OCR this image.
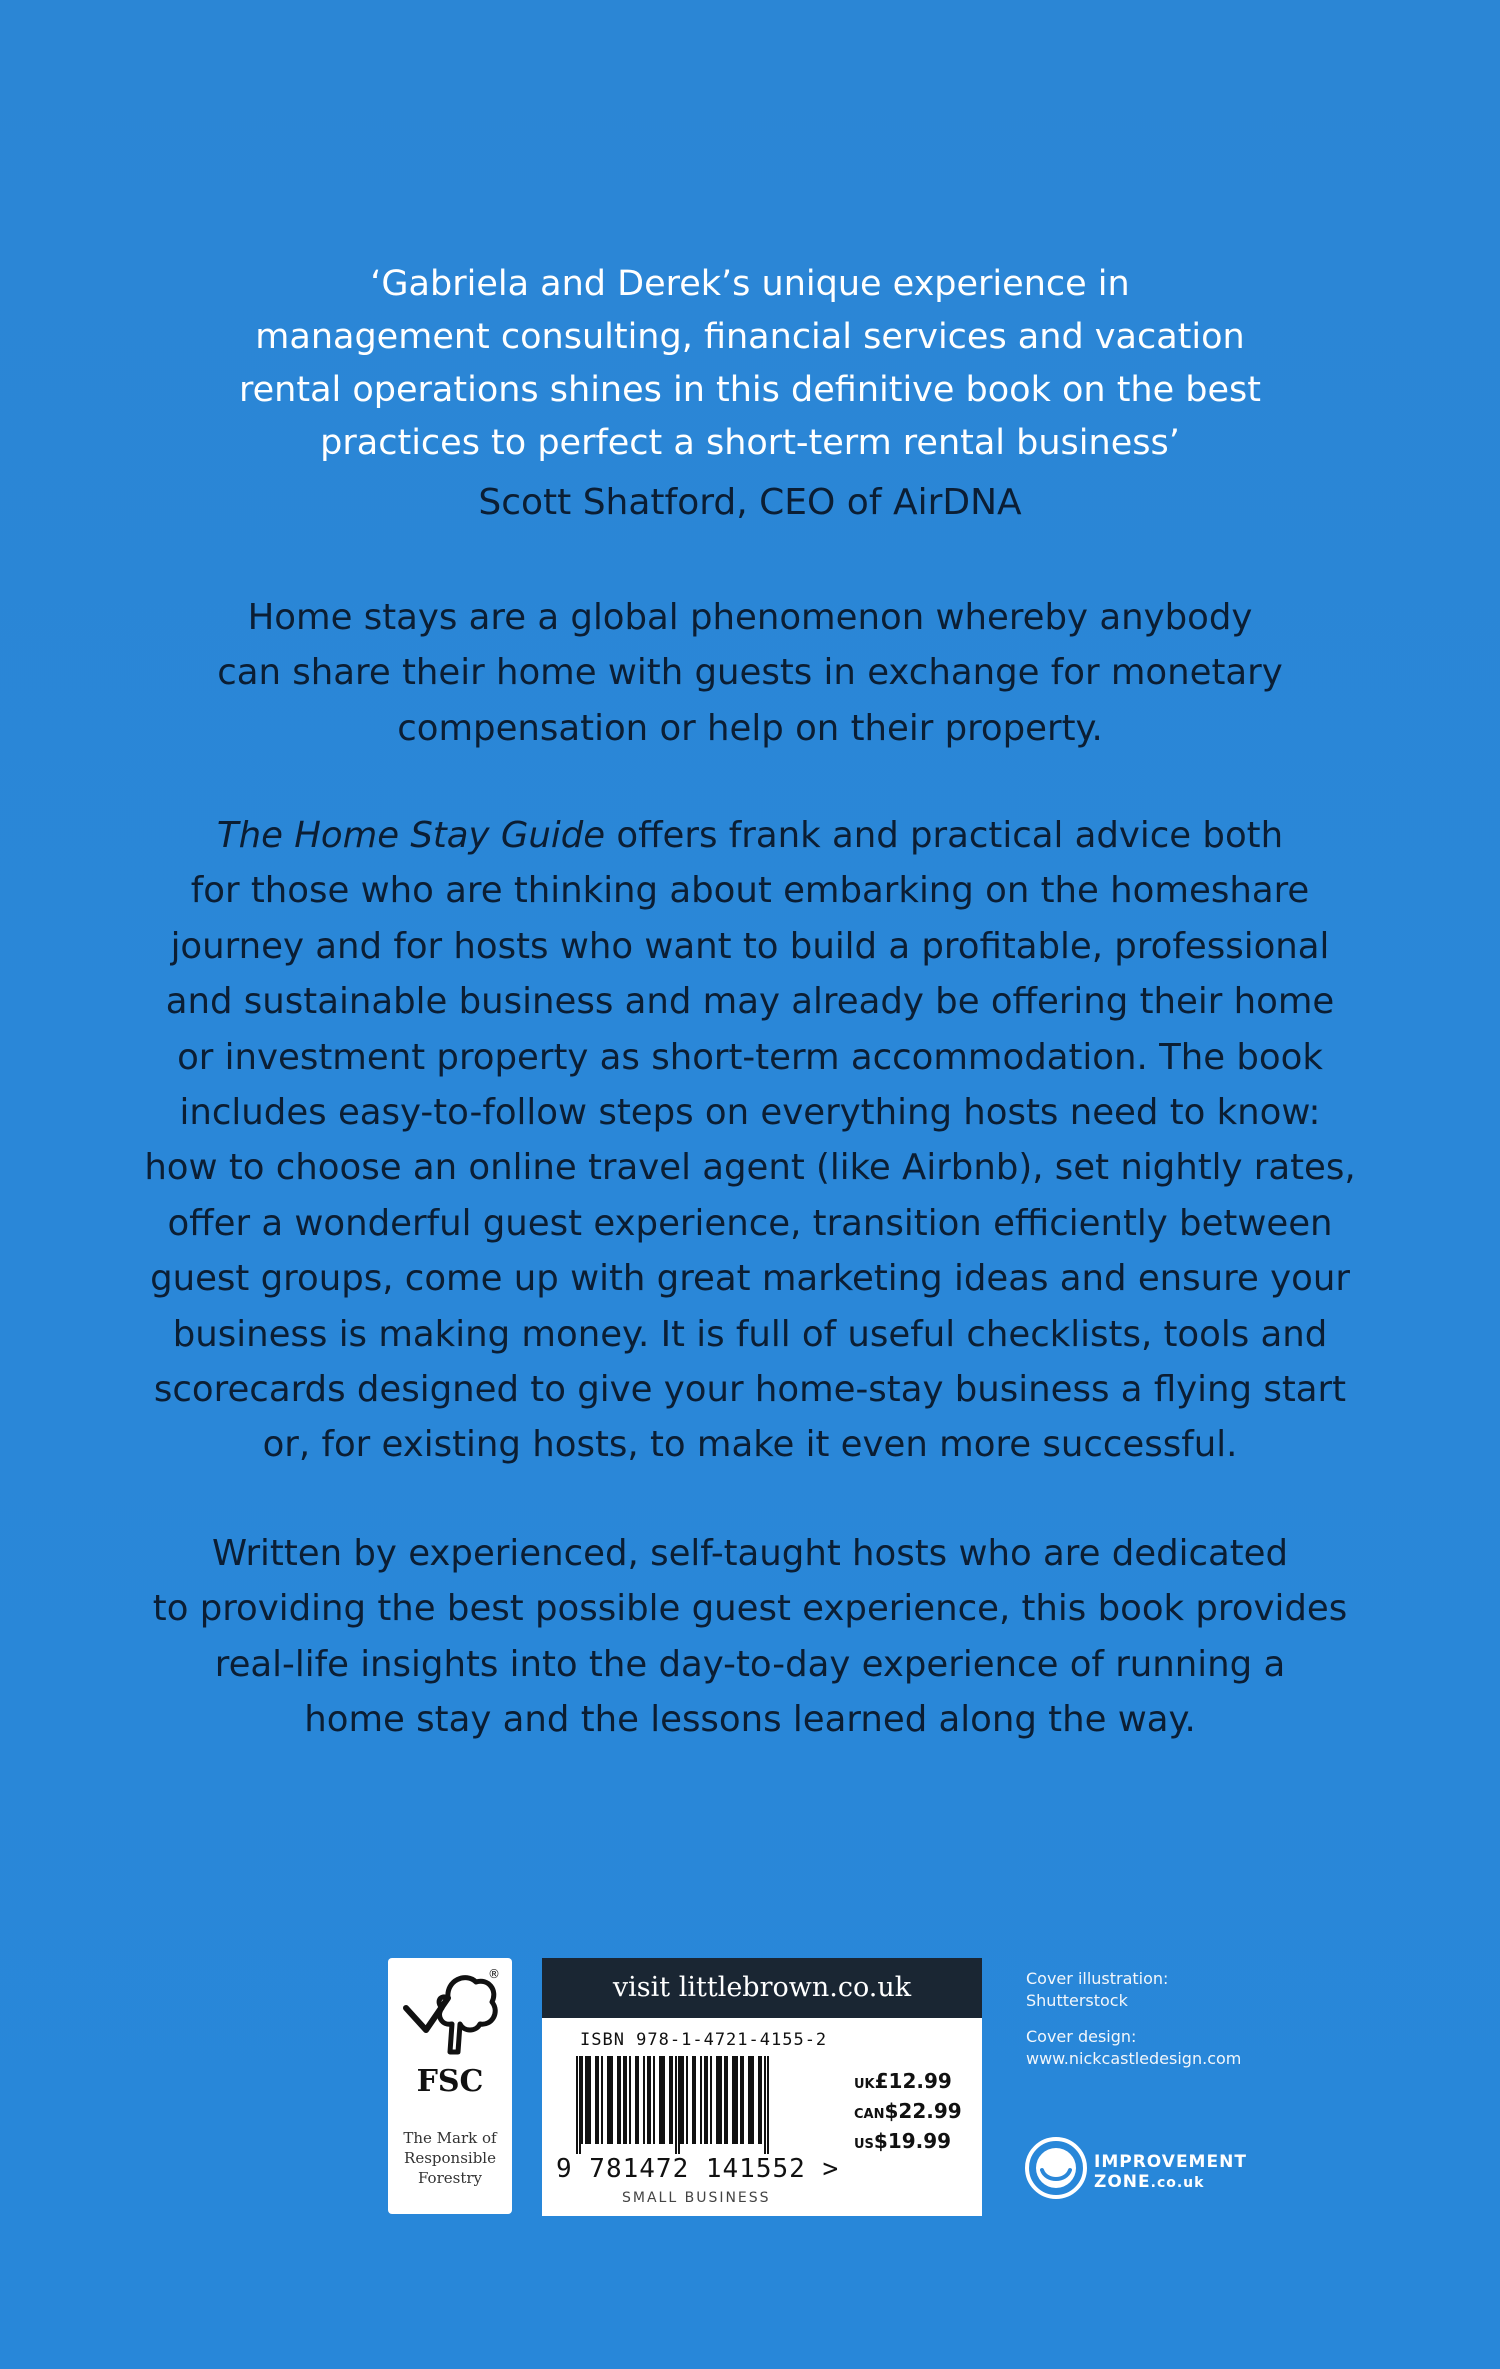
‘Gabriela and Derek’s unique experience in
management consulting, financial services and vacation
rental operations shines in this definitive book on the best
practices to perfect a short-term rental business’
Scott Shatford, CEO of AirDNA
Home stays are a global phenomenon whereby anybody
can share their home with guests in exchange for monetary
compensation or help on their property.
The Home Stay Guide offers frank and practical advice both
for those who are thinking about embarking on the homeshare
journey and for hosts who want to build a profitable, professional
and sustainable business and may already be offering their home
or investment property as short-term accommodation. The book
includes easy-to-follow steps on everything hosts need to know:
how to choose an online travel agent (like Airbnb), set nightly rates,
offer a wonderful guest experience, transition efficiently between
guest groups, come up with great marketing ideas and ensure your
business is making money. It is full of useful checklists, tools and
scorecards designed to give your home-stay business a flying start
or, for existing hosts, to make it even more successful.
Written by experienced, self-taught hosts who are dedicated
to providing the best possible guest experience, this book provides
real-life insights into the day-to-day experience of running a
home stay and the lessons learned along the way.
®
FSC
The Mark of
Responsible
Forestry
visit littlebrown.co.uk
ISBN 978-1-4721-4155-2
9 781472 141552 >
SMALL BUSINESS
UK£12.99
CAN$22.99
US$19.99
Cover illustration:
Shutterstock
Cover design:
www.nickcastledesign.com
IMPROVEMENT
ZONE.co.uk
